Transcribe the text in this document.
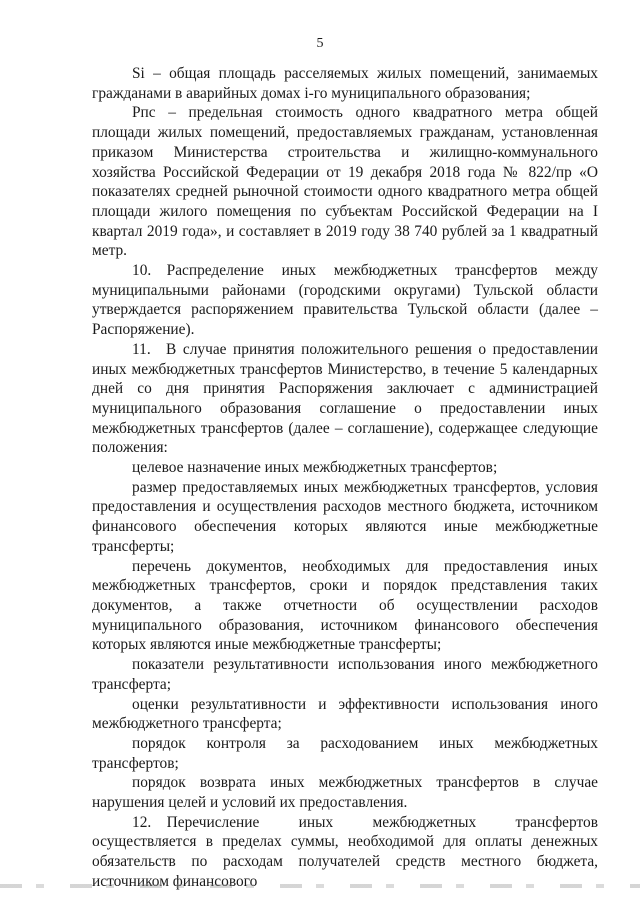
5

Si – общая площадь расселяемых жилых помещений, занимаемых гражданами в аварийных домах i-го муниципального образования;

Pпс – предельная стоимость одного квадратного метра общей площади жилых помещений, предоставляемых гражданам, установленная приказом Министерства строительства и жилищно-коммунального хозяйства Российской Федерации от 19 декабря 2018 года № 822/пр «О показателях средней рыночной стоимости одного квадратного метра общей площади жилого помещения по субъектам Российской Федерации на I квартал 2019 года», и составляет в 2019 году 38 740 рублей за 1 квадратный метр.

10. Распределение иных межбюджетных трансфертов между муниципальными районами (городскими округами) Тульской области утверждается распоряжением правительства Тульской области (далее – Распоряжение).

11. В случае принятия положительного решения о предоставлении иных межбюджетных трансфертов Министерство, в течение 5 календарных дней со дня принятия Распоряжения заключает с администрацией муниципального образования соглашение о предоставлении иных межбюджетных трансфертов (далее – соглашение), содержащее следующие положения:

целевое назначение иных межбюджетных трансфертов;

размер предоставляемых иных межбюджетных трансфертов, условия предоставления и осуществления расходов местного бюджета, источником финансового обеспечения которых являются иные межбюджетные трансферты;

перечень документов, необходимых для предоставления иных межбюджетных трансфертов, сроки и порядок представления таких документов, а также отчетности об осуществлении расходов муниципального образования, источником финансового обеспечения которых являются иные межбюджетные трансферты;

показатели результативности использования иного межбюджетного трансферта;

оценки результативности и эффективности использования иного межбюджетного трансферта;

порядок контроля за расходованием иных межбюджетных трансфертов;

порядок возврата иных межбюджетных трансфертов в случае нарушения целей и условий их предоставления.

12. Перечисление иных межбюджетных трансфертов осуществляется в пределах суммы, необходимой для оплаты денежных обязательств по расходам получателей средств местного бюджета, источником финансового
